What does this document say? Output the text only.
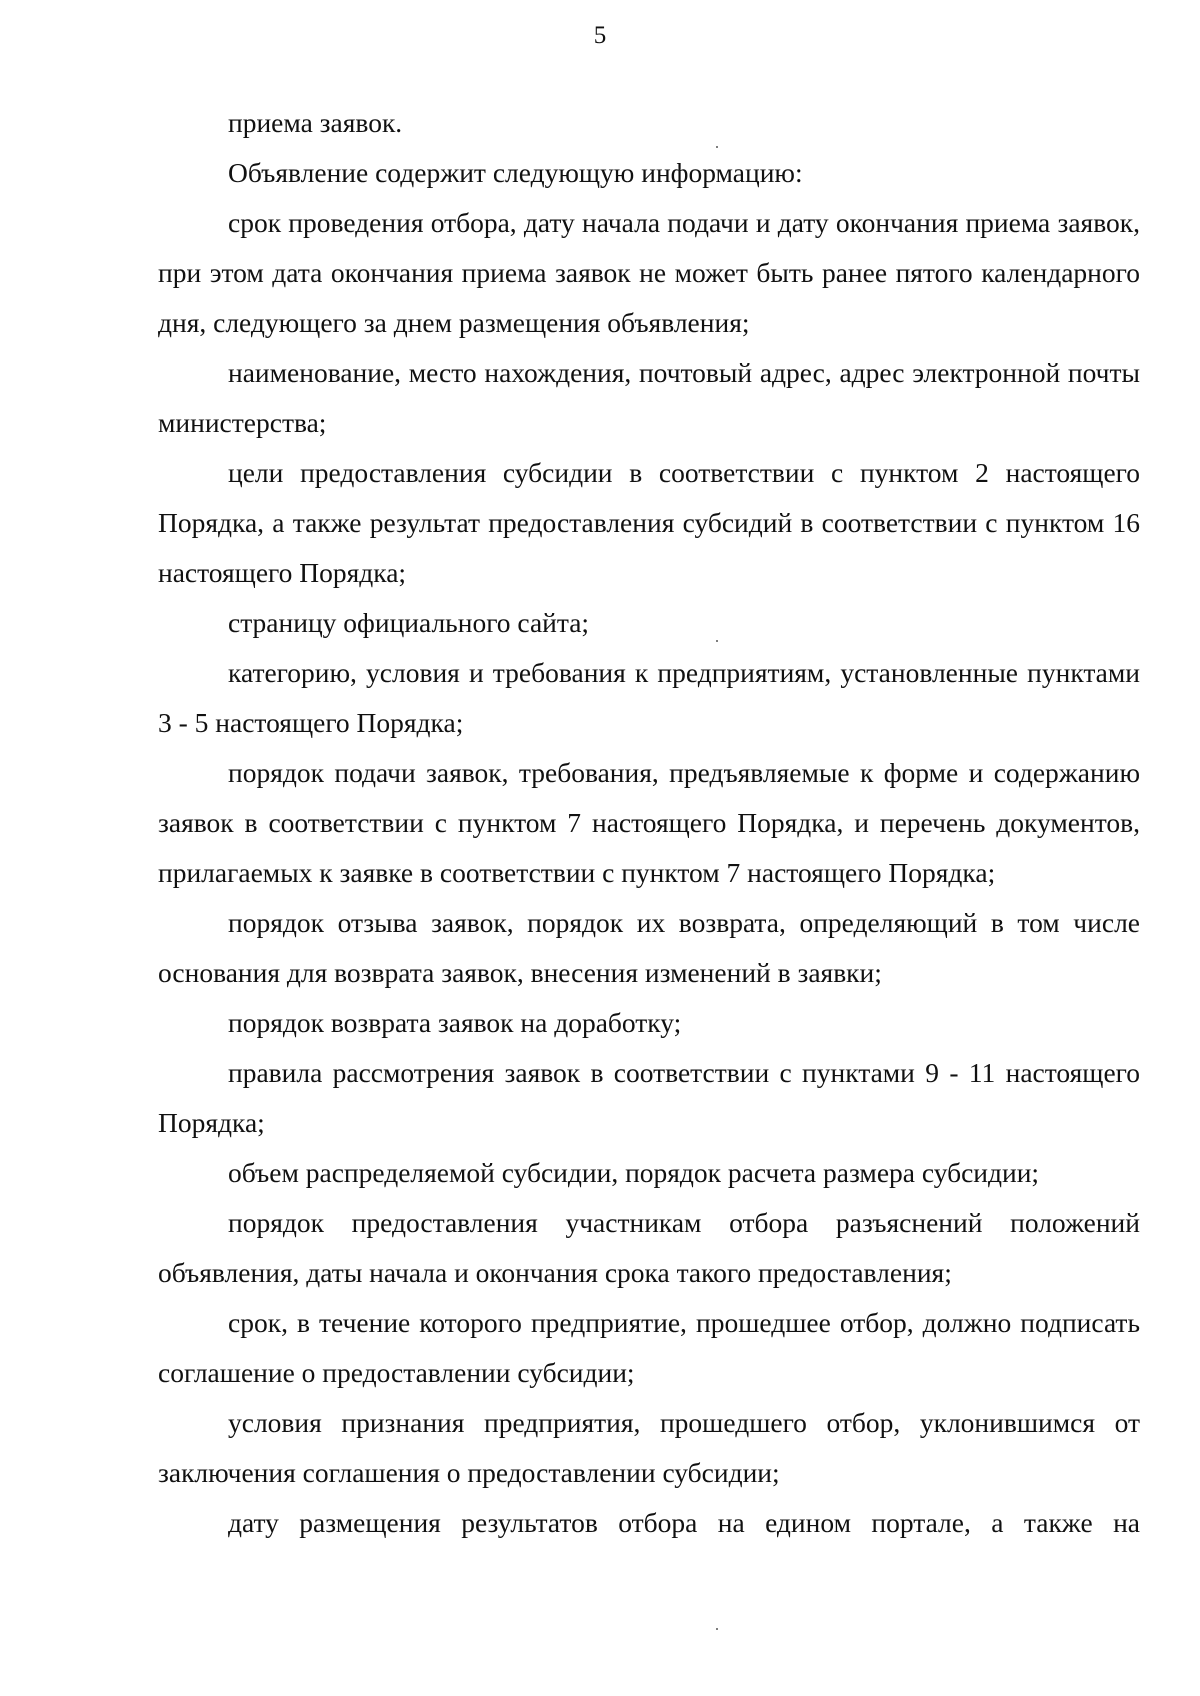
5

приема заявок.

Объявление содержит следующую информацию:

срок проведения отбора, дату начала подачи и дату окончания приема заявок, при этом дата окончания приема заявок не может быть ранее пятого календарного дня, следующего за днем размещения объявления;

наименование, место нахождения, почтовый адрес, адрес электронной почты министерства;

цели предоставления субсидии в соответствии с пунктом 2 настоящего Порядка, а также результат предоставления субсидий в соответствии с пунктом 16 настоящего Порядка;

страницу официального сайта;

категорию, условия и требования к предприятиям, установленные пунктами 3 - 5 настоящего Порядка;

порядок подачи заявок, требования, предъявляемые к форме и содержанию заявок в соответствии с пунктом 7 настоящего Порядка, и перечень документов, прилагаемых к заявке в соответствии с пунктом 7 настоящего Порядка;

порядок отзыва заявок, порядок их возврата, определяющий в том числе основания для возврата заявок, внесения изменений в заявки;

порядок возврата заявок на доработку;

правила рассмотрения заявок в соответствии с пунктами 9 - 11 настоящего Порядка;

объем распределяемой субсидии, порядок расчета размера субсидии;

порядок предоставления участникам отбора разъяснений положений объявления, даты начала и окончания срока такого предоставления;

срок, в течение которого предприятие, прошедшее отбор, должно подписать соглашение о предоставлении субсидии;

условия признания предприятия, прошедшего отбор, уклонившимся от заключения соглашения о предоставлении субсидии;

дату размещения результатов отбора на едином портале, а также на
